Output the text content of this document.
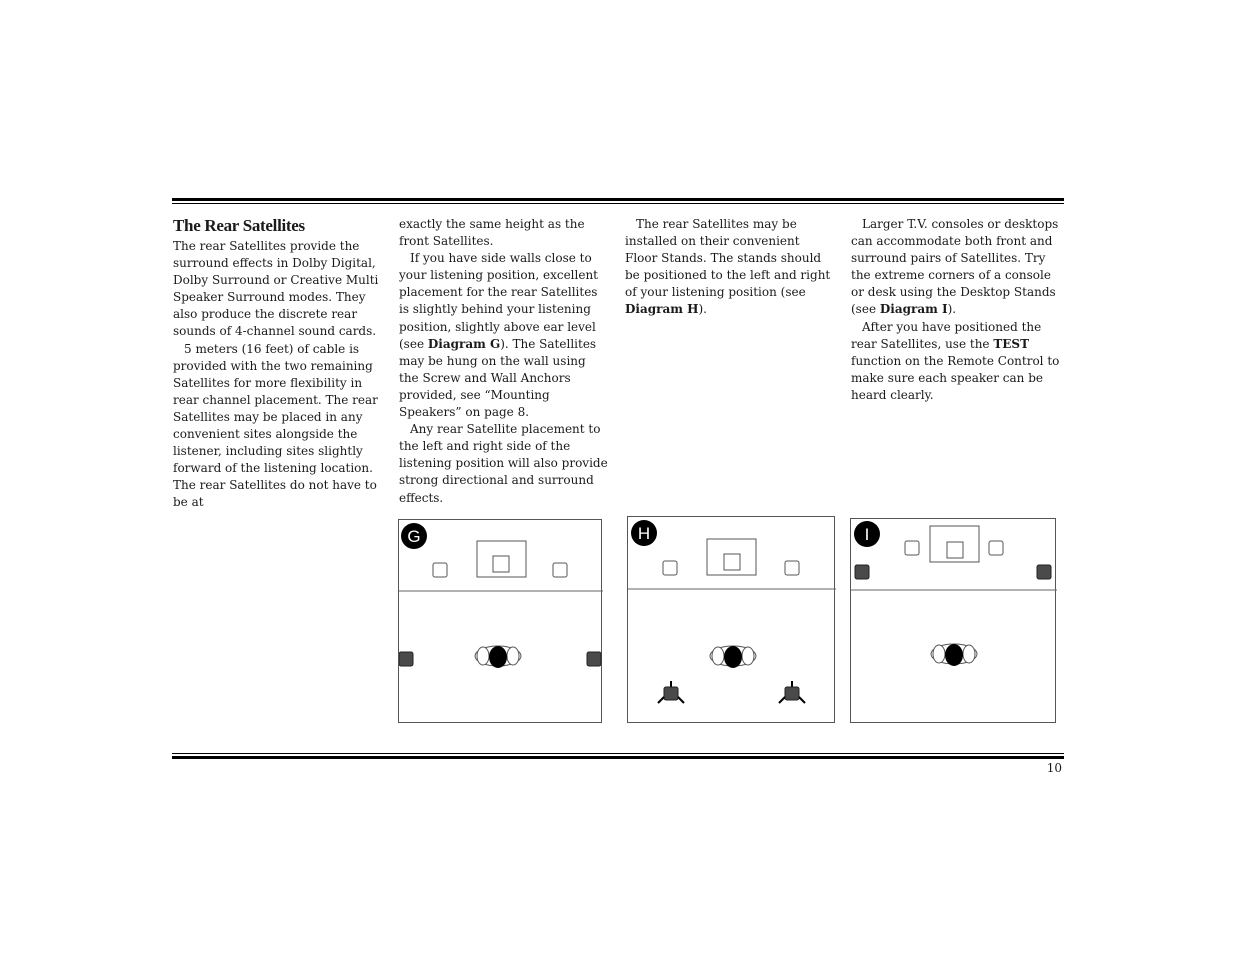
The Rear Satellites

The rear Satellites provide the surround effects in Dolby Digital, Dolby Surround or Creative Multi Speaker Surround modes. They also produce the discrete rear sounds of 4-channel sound cards.

5 meters (16 feet) of cable is provided with the two remaining Satellites for more flexibility in rear channel placement. The rear Satellites may be placed in any convenient sites alongside the listener, including sites slightly forward of the listening location. The rear Satellites do not have to be at

exactly the same height as the front Satellites.

If you have side walls close to your listening position, excellent placement for the rear Satellites is slightly behind your listening position, slightly above ear level (see Diagram G). The Satellites may be hung on the wall using the Screw and Wall Anchors provided, see “Mounting Speakers” on page 8.

Any rear Satellite placement to the left and right side of the listening position will also provide strong directional and surround effects.

The rear Satellites may be installed on their convenient Floor Stands. The stands should be positioned to the left and right of your listening position (see Diagram H).

Larger T.V. consoles or desktops can accommodate both front and surround pairs of Satellites. Try the extreme corners of a console or desk using the Desktop Stands (see Diagram I).

After you have positioned the rear Satellites, use the TEST function on the Remote Control to make sure each speaker can be heard clearly.

G	H	I
10
